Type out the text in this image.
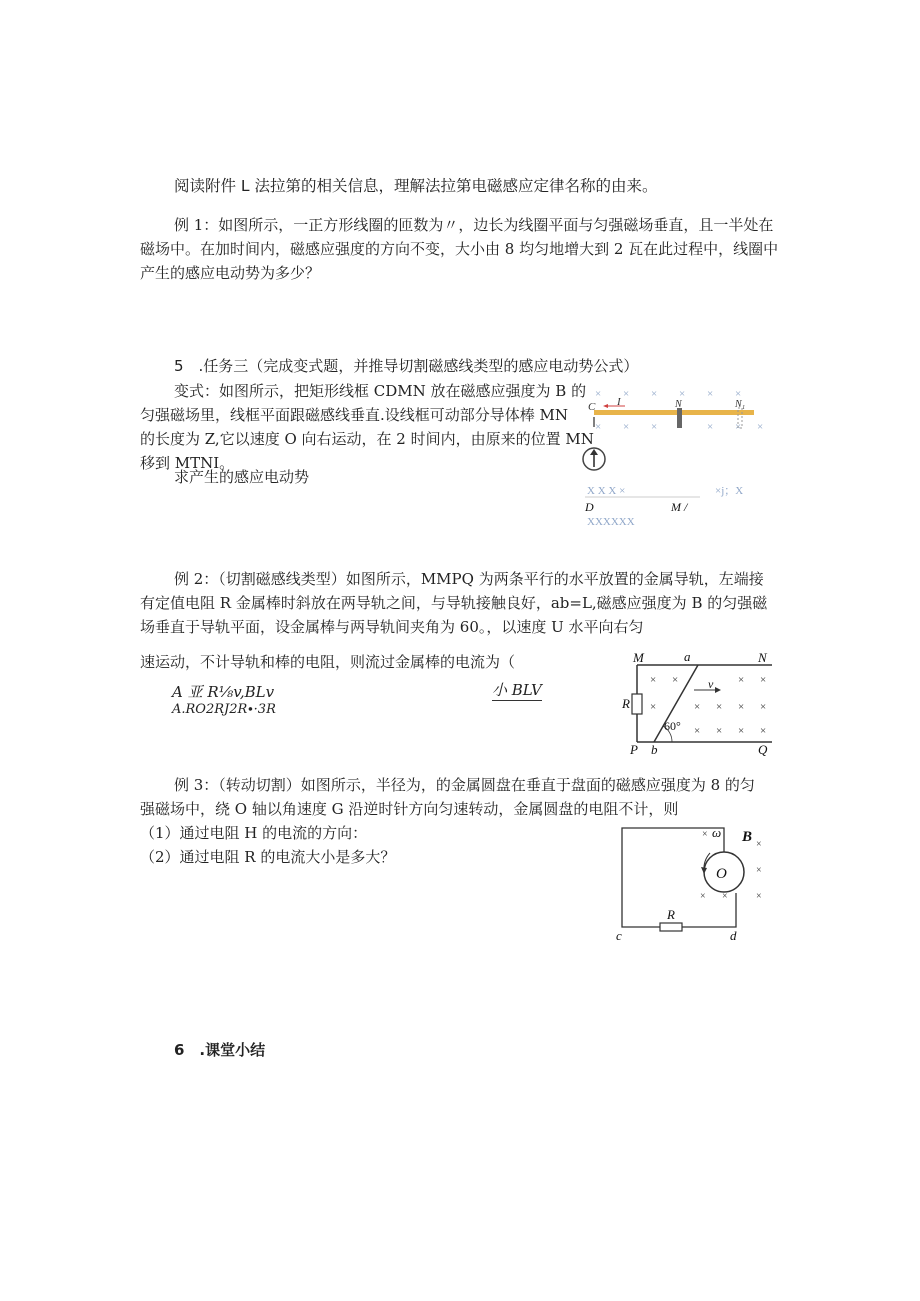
阅读附件 L 法拉第的相关信息，理解法拉第电磁感应定律名称的由来。
例 1：如图所示，一正方形线圈的匝数为〃，边长为线圈平面与匀强磁场垂直，且一半处在
磁场中。在加时间内，磁感应强度的方向不变，大小由 8 均匀地增大到 2 瓦在此过程中，线圈中
产生的感应电动势为多少？
5　.任务三（完成变式题，并推导切割磁感线类型的感应电动势公式）
变式：如图所示，把矩形线框 CDMN 放在磁感应强度为 B 的
匀强磁场里，线框平面跟磁感线垂直.设线框可动部分导体棒 MN
的长度为 Z,它以速度 O 向右运动，在 2 时间内，由原来的位置 MN
移到 MTNI。
求产生的感应电动势
× × × × × ×
× × ×	× × ×
C I	N	N₁
X X X ×	×j；X
D	M /
XXXXXX
例 2：（切割磁感线类型）如图所示，MMPQ 为两条平行的水平放置的金属导轨，左端接
有定值电阻 R 金属棒时斜放在两导轨之间，与导轨接触良好，ab=L,磁感应强度为 B 的匀强磁
场垂直于导轨平面，设金属棒与两导轨间夹角为 60。，以速度 U 水平向右匀
速运动，不计导轨和棒的电阻，则流过金属棒的电流为（
A 亚 R⅛v,BLv	小 BLV
A.RO2RJ2R∙·3R
× ×	× ×
×	× × × ×
× × × ×
M	a	N
R
v
60°
P b	Q
例 3：（转动切割）如图所示，半径为，的金属圆盘在垂直于盘面的磁感应强度为 8 的匀
强磁场中，绕 O 轴以角速度 G 沿逆时针方向匀速转动，金属圆盘的电阻不计，则
（1）通过电阻 H 的电流的方向：
（2）通过电阻 R 的电流大小是多大？
×
×
×
× ×	×
ω B
O
R
c	d
6　.课堂小结
